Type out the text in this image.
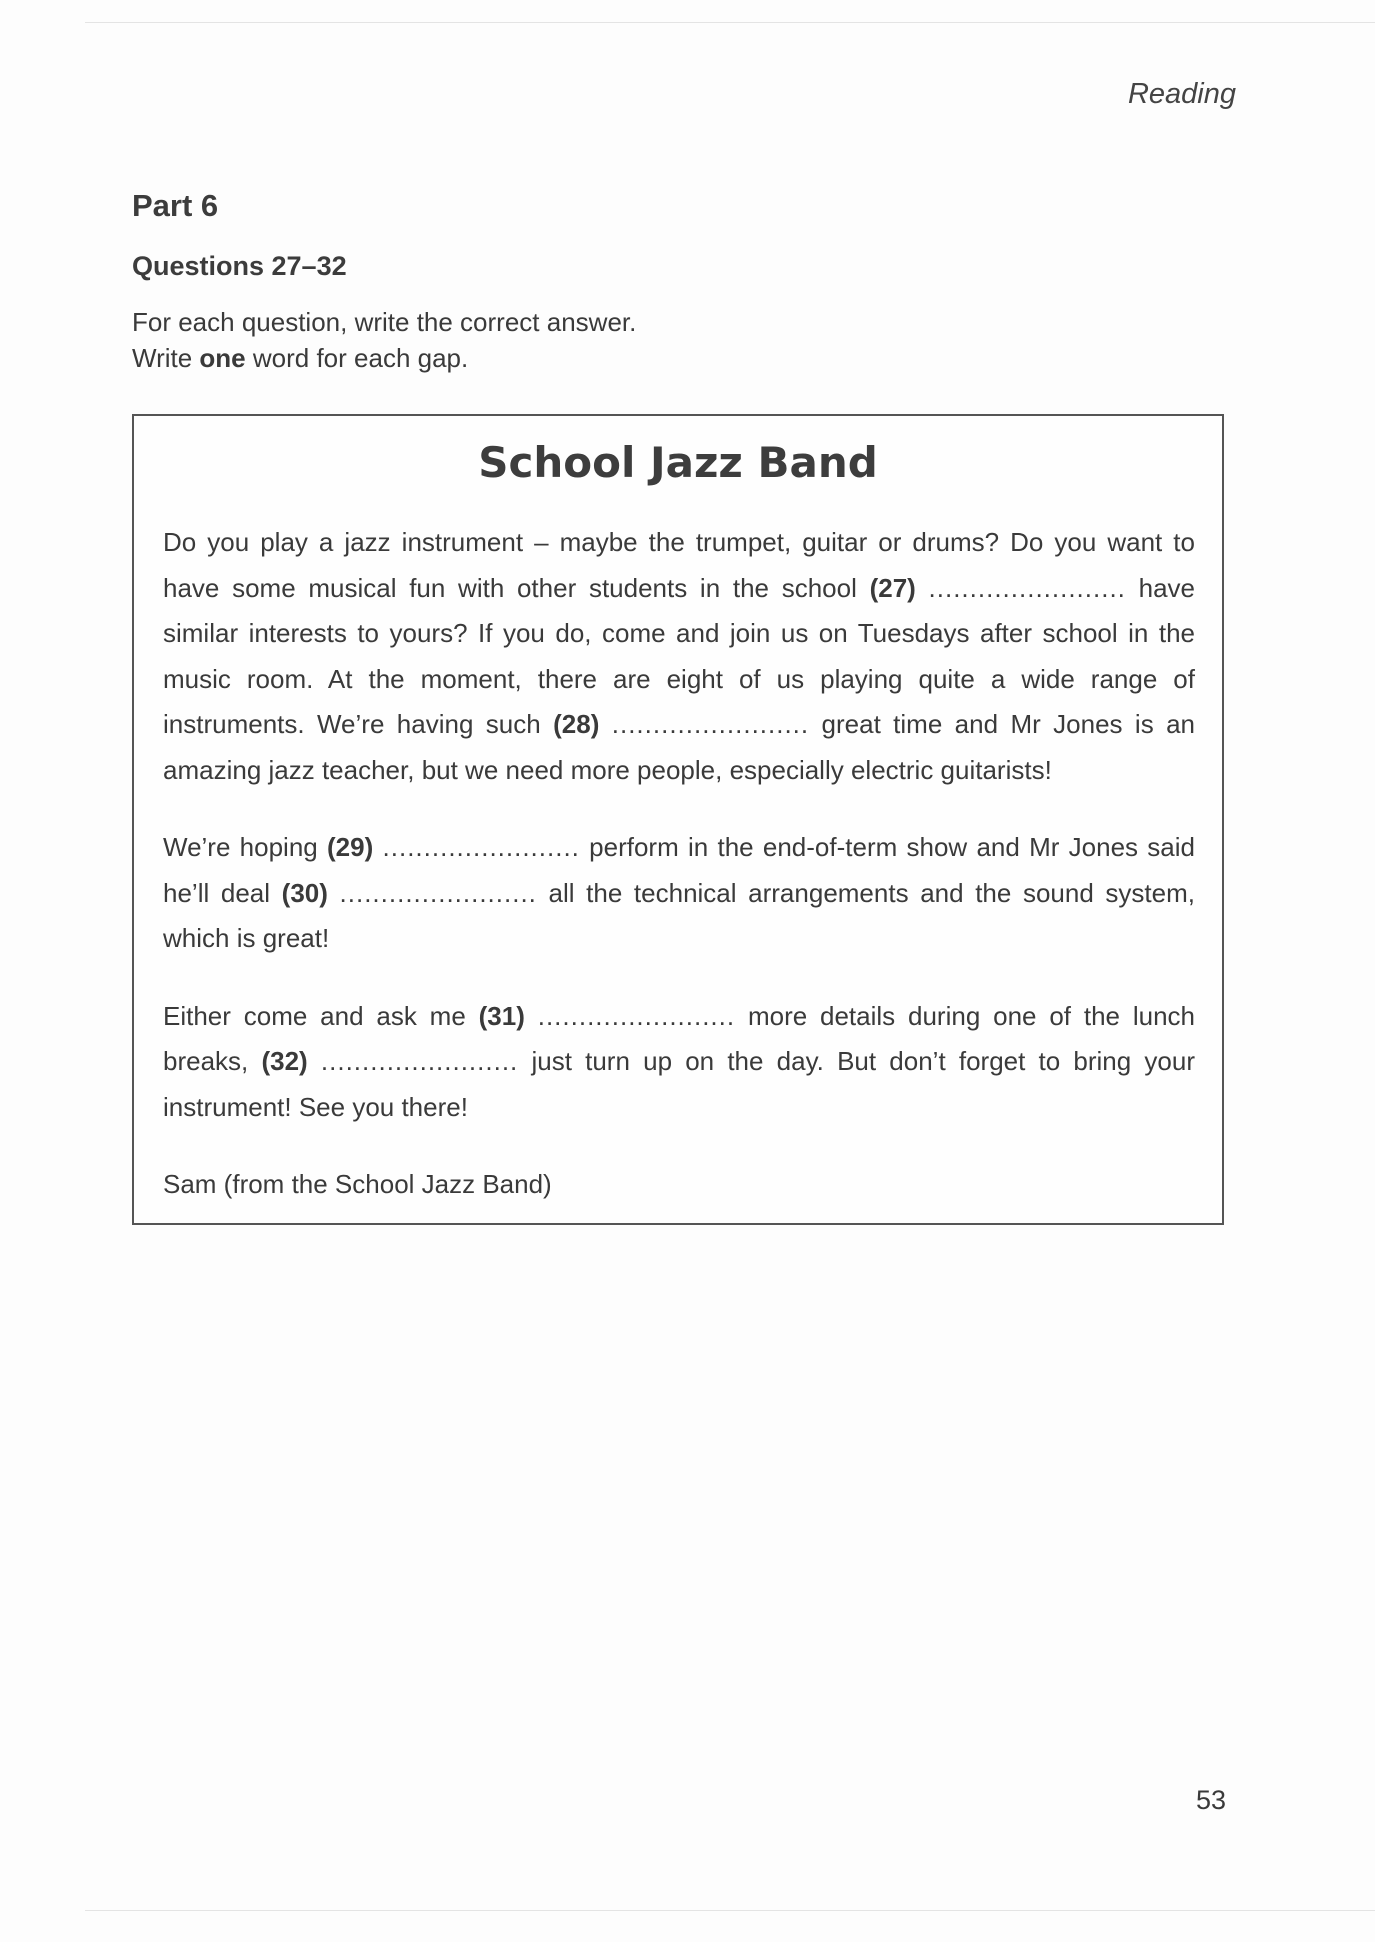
Reading
Part 6
Questions 27–32
For each question, write the correct answer.
Write one word for each gap.
School Jazz Band

Do you play a jazz instrument – maybe the trumpet, guitar or drums? Do you want to have some musical fun with other students in the school (27) ........................ have similar interests to yours? If you do, come and join us on Tuesdays after school in the music room. At the moment, there are eight of us playing quite a wide range of instruments. We’re having such (28) ........................ great time and Mr Jones is an amazing jazz teacher, but we need more people, especially electric guitarists!

We’re hoping (29) ........................ perform in the end-of-term show and Mr Jones said he’ll deal (30) ........................ all the technical arrangements and the sound system, which is great!

Either come and ask me (31) ........................ more details during one of the lunch breaks, (32) ........................ just turn up on the day. But don’t forget to bring your instrument! See you there!

Sam (from the School Jazz Band)

53
